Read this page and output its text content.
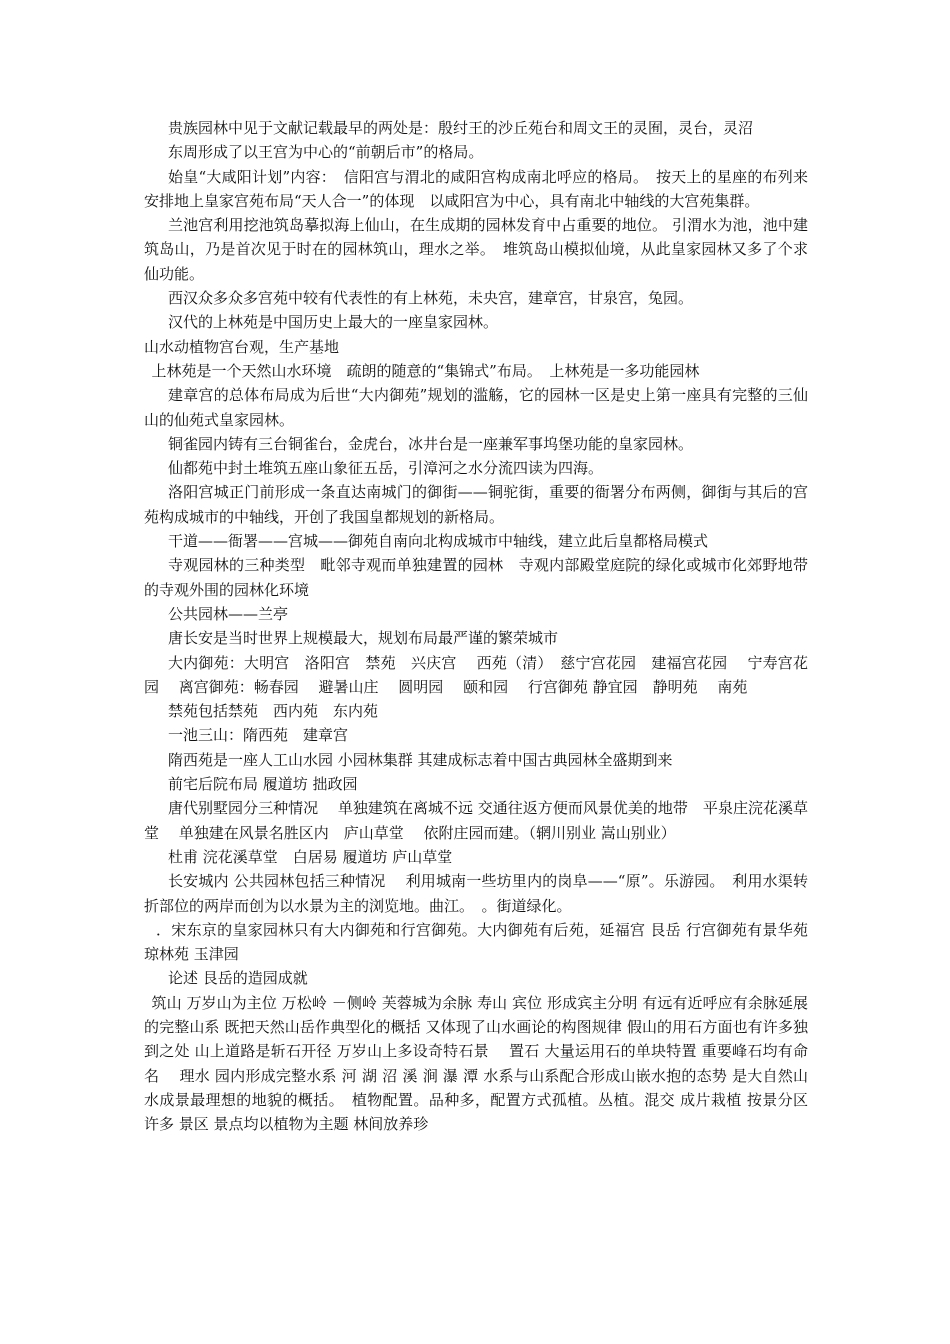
贵族园林中见于文献记载最早的两处是：殷纣王的沙丘苑台和周文王的灵囿，灵台，灵沼

东周形成了以王宫为中心的“前朝后市”的格局。

始皇“大咸阳计划”内容：　信阳宫与渭北的咸阳宫构成南北呼应的格局。　按天上的星座的布列来安排地上皇家宫苑布局“天人合一”的体现　以咸阳宫为中心，具有南北中轴线的大宫苑集群。

兰池宫利用挖池筑岛摹拟海上仙山，在生成期的园林发育中占重要的地位。 引渭水为池，池中建筑岛山，乃是首次见于时在的园林筑山，理水之举。　堆筑岛山模拟仙境，从此皇家园林又多了个求仙功能。

西汉众多众多宫苑中较有代表性的有上林苑，未央宫，建章宫，甘泉宫，兔园。

汉代的上林苑是中国历史上最大的一座皇家园林。

山水动植物宫台观，生产基地

上林苑是一个天然山水环境　疏朗的随意的“集锦式”布局。　上林苑是一多功能园林

建章宫的总体布局成为后世“大内御苑”规划的滥觞，它的园林一区是史上第一座具有完整的三仙山的仙苑式皇家园林。

铜雀园内铸有三台铜雀台，金虎台，冰井台是一座兼军事坞堡功能的皇家园林。

仙都苑中封土堆筑五座山象征五岳，引漳河之水分流四读为四海。

洛阳宫城正门前形成一条直达南城门的御街——铜驼街，重要的衙署分布两侧，御街与其后的宫苑构成城市的中轴线，开创了我国皇都规划的新格局。

干道——衙署——宫城——御苑自南向北构成城市中轴线，建立此后皇都格局模式

寺观园林的三种类型　毗邻寺观而单独建置的园林　寺观内部殿堂庭院的绿化或城市化郊野地带的寺观外围的园林化环境

公共园林——兰亭

唐长安是当时世界上规模最大，规划布局最严谨的繁荣城市

大内御苑：大明宫　洛阳宫　禁苑　兴庆宫　 西苑（清）　慈宁宫花园　建福宫花园　 宁寿宫花园　 离宫御苑：畅春园　 避暑山庄　 圆明园　 颐和园　 行宫御苑 静宜园　静明苑　 南苑

禁苑包括禁苑　西内苑　东内苑

一池三山：隋西苑　建章宫

隋西苑是一座人工山水园 小园林集群 其建成标志着中国古典园林全盛期到来

前宅后院布局 履道坊 拙政园

唐代别墅园分三种情况　 单独建筑在离城不远 交通往返方便而风景优美的地带　平泉庄浣花溪草堂　 单独建在风景名胜区内　庐山草堂　 依附庄园而建。（辋川别业 嵩山别业）

杜甫 浣花溪草堂　白居易 履道坊 庐山草堂

长安城内 公共园林包括三种情况　 利用城南一些坊里内的岗阜——“原”。乐游园。　利用水渠转折部位的两岸而创为以水景为主的浏览地。曲江。　。街道绿化。

．宋东京的皇家园林只有大内御苑和行宫御苑。大内御苑有后苑，延福宫 艮岳 行宫御苑有景华苑 琼林苑 玉津园

论述 艮岳的造园成就

筑山 万岁山为主位 万松岭 －侧岭 芙蓉城为余脉 寿山 宾位 形成宾主分明 有远有近呼应有余脉延展的完整山系 既把天然山岳作典型化的概括 又体现了山水画论的构图规律 假山的用石方面也有许多独到之处 山上道路是斩石开径 万岁山上多设奇特石景　 置石 大量运用石的单块特置 重要峰石均有命名　 理水 园内形成完整水系 河 湖 沼 溪 涧 瀑 潭 水系与山系配合形成山嵌水抱的态势 是大自然山水成景最理想的地貌的概括。　植物配置。品种多，配置方式孤植。丛植。混交 成片栽植 按景分区 许多 景区 景点均以植物为主题 林间放养珍
